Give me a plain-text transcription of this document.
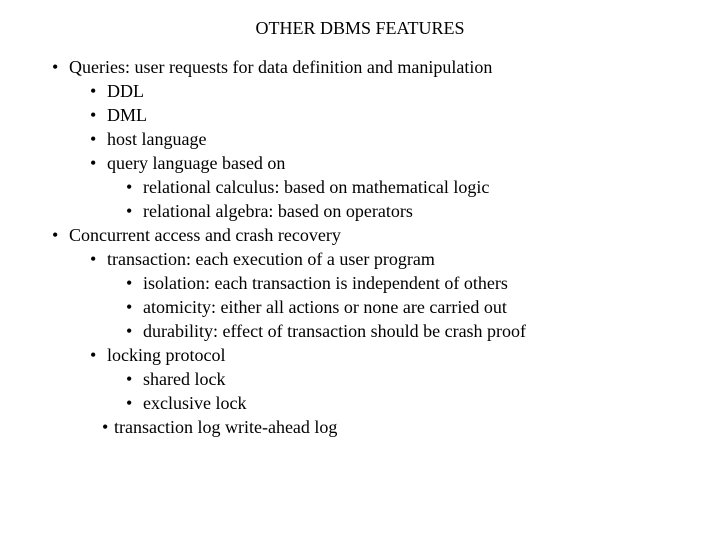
OTHER DBMS FEATURES
• Queries: user requests for data definition and manipulation
• DDL
• DML
• host language
• query language based on
• relational calculus: based on mathematical logic
• relational algebra: based on operators
• Concurrent access and crash recovery
• transaction: each execution of a user program
• isolation: each transaction is independent of others
• atomicity: either all actions or none are carried out
• durability: effect of transaction should be crash proof
• locking protocol
• shared lock
• exclusive lock
• transaction log write-ahead log
